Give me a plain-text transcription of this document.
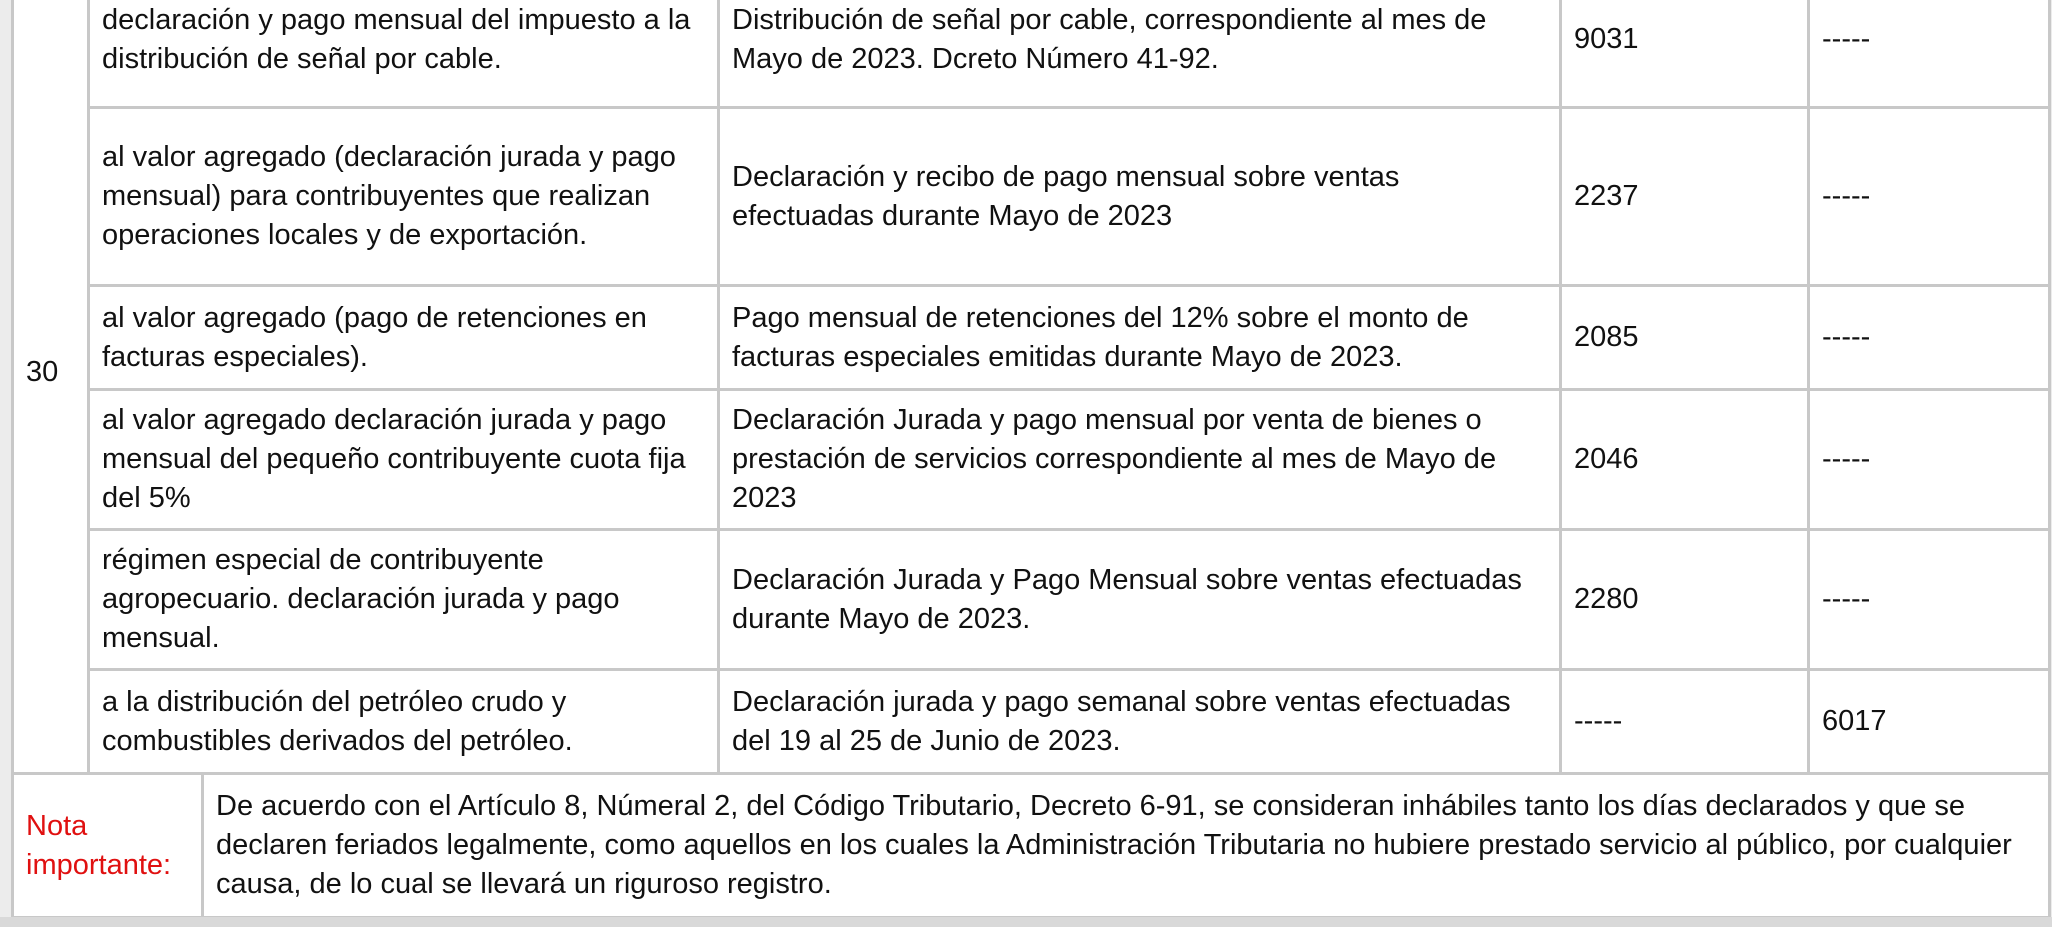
30	declaración y pago mensual del impuesto a la distribución de señal por cable.	Distribución de señal por cable, correspondiente al mes de Mayo de 2023. Dcreto Número 41-92.	9031	-----
	al valor agregado (declaración jurada y pago mensual) para contribuyentes que realizan operaciones locales y de exportación.	Declaración y recibo de pago mensual sobre ventas efectuadas durante Mayo de 2023	2237	-----
	al valor agregado (pago de retenciones en facturas especiales).	Pago mensual de retenciones del 12% sobre el monto de facturas especiales emitidas durante Mayo de 2023.	2085	-----
	al valor agregado declaración jurada y pago mensual del pequeño contribuyente cuota fija del 5%	Declaración Jurada y pago mensual por venta de bienes o prestación de servicios correspondiente al mes de Mayo de 2023	2046	-----
	régimen especial de contribuyente agropecuario. declaración jurada y pago mensual.	Declaración Jurada y Pago Mensual sobre ventas efectuadas durante Mayo de 2023.	2280	-----
	a la distribución del petróleo crudo y combustibles derivados del petróleo.	Declaración jurada y pago semanal sobre ventas efectuadas del 19 al 25 de Junio de 2023.	-----	6017
Nota importante:	De acuerdo con el Artículo 8, Númeral 2, del Código Tributario, Decreto 6-91, se consideran inhábiles tanto los días declarados y que se declaren feriados legalmente, como aquellos en los cuales la Administración Tributaria no hubiere prestado servicio al público, por cualquier causa, de lo cual se llevará un riguroso registro.
